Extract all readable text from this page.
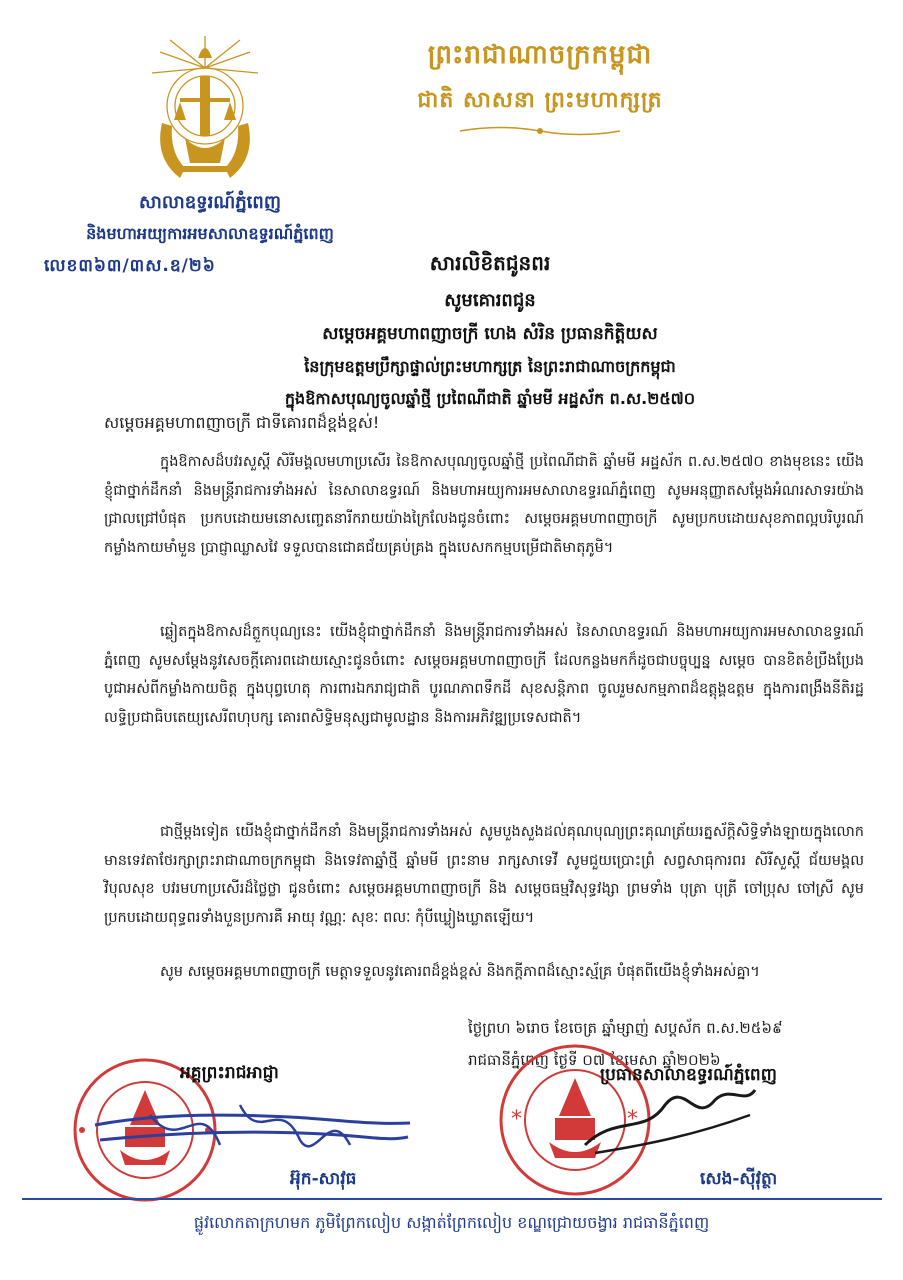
ព្រះរាជាណាចក្រកម្ពុជា
ជាតិ សាសនា ព្រះមហាក្សត្រ
សាលាឧទ្ធរណ៍ភ្នំពេញ
និងមហាអយ្យការអមសាលាឧទ្ធរណ៍ភ្នំពេញ
លេខ៣៦៣/៣ស.ឧ/២៦	សារលិខិតជូនពរ
សូមគោរពជូន
សម្តេចអគ្គមហាពញាចក្រី ហេង សំរិន ប្រធានកិត្តិយស
នៃក្រុមឧត្តមប្រឹក្សាផ្ទាល់ព្រះមហាក្សត្រ នៃព្រះរាជាណាចក្រកម្ពុជា
ក្នុងឱកាសបុណ្យចូលឆ្នាំថ្មី ប្រពៃណីជាតិ ឆ្នាំមមី អដ្ឋស័ក ព.ស.២៥៧០
សម្តេចអគ្គមហាពញាចក្រី ជាទីគោរពដ៏ខ្ពង់ខ្ពស់!
ក្នុងឱកាសដ៏បវរសួស្តី សិរីមង្គលមហាប្រសើរ នៃឱកាសបុណ្យចូលឆ្នាំថ្មី ប្រពៃណីជាតិ ឆ្នាំមមី អដ្ឋស័ក ព.ស.២៥៧០ ខាងមុខនេះ យើងខ្ញុំជាថ្នាក់ដឹកនាំ និងមន្ត្រីរាជការទាំងអស់ នៃសាលាឧទ្ធរណ៍ និងមហាអយ្យការអមសាលាឧទ្ធរណ៍ភ្នំពេញ សូមអនុញ្ញាតសម្តែងអំណរសាទរយ៉ាងជ្រាលជ្រៅបំផុត ប្រកបដោយមនោសញ្ចេតនារីករាយយ៉ាងក្រៃលែងជូនចំពោះ សម្តេចអគ្គមហាពញាចក្រី សូមប្រកបដោយសុខភាពល្អបរិបូរណ៍ កម្លាំងកាយមាំមួន ប្រាជ្ញាឈ្លាសវៃ ទទួលបានជោគជ័យគ្រប់គ្រង ក្នុងបេសកកម្មបម្រើជាតិមាតុភូមិ។
ឆ្លៀតក្នុងឱកាសដ៏ក្លួកបុណ្យនេះ យើងខ្ញុំជាថ្នាក់ដឹកនាំ និងមន្ត្រីរាជការទាំងអស់ នៃសាលាឧទ្ធរណ៍ និងមហាអយ្យការអមសាលាឧទ្ធរណ៍ភ្នំពេញ សូមសម្តែងនូវសេចក្តីគោរពដោយស្មោះជូនចំពោះ សម្តេចអគ្គមហាពញាចក្រី ដែលកន្លងមកក៏ដូចជាបច្ចុប្បន្ន សម្តេច បានខិតខំប្រឹងប្រែងបូជាអស់ពីកម្លាំងកាយចិត្ត ក្នុងបុព្វហេតុ ការពារឯករាជ្យជាតិ បូរណភាពទឹកដី សុខសន្តិភាព ចូលរួមសកម្មភាពដ៏ឧត្តុង្គឧត្តម ក្នុងការពង្រឹងនីតិរដ្ឋ លទ្ធិប្រជាធិបតេយ្យសេរីពហុបក្ស គោរពសិទ្ធិមនុស្សជាមូលដ្ឋាន និងការអភិវឌ្ឍប្រទេសជាតិ។
ជាថ្មីម្តងទៀត យើងខ្ញុំជាថ្នាក់ដឹកនាំ និងមន្ត្រីរាជការទាំងអស់ សូមបួងសួងដល់គុណបុណ្យព្រះគុណត្រ័យរត្នស័ក្តិសិទ្ធិទាំងឡាយក្នុងលោក មានទេវតាថែរក្សាព្រះរាជាណាចក្រកម្ពុជា និងទេវតាឆ្នាំថ្មី ឆ្នាំមមី ព្រះនាម រាក្សសាទេវី សូមជួយប្រោះព្រំ សព្វសាធុការពរ សិរីសួស្តី ជ័យមង្គល វិបុលសុខ បវរមហាប្រសើរដ៏ថ្លៃថ្លា ជូនចំពោះ សម្តេចអគ្គមហាពញាចក្រី និង សម្តេចធម្មវិសុទ្ធវង្សា ព្រមទាំង បុត្រា បុត្រី ចៅប្រុស ចៅស្រី សូមប្រកបដោយពុទ្ធពរទាំងបួនប្រការគឺ អាយុ វណ្ណៈ សុខៈ ពលៈ កុំបីឃ្លៀងឃ្លាតឡើយ។
សូម សម្តេចអគ្គមហាពញាចក្រី មេត្តាទទួលនូវគោរពដ៏ខ្ពង់ខ្ពស់ និងកក្តីភាពដ៏ស្មោះស្ម័គ្រ បំផុតពីយើងខ្ញុំទាំងអស់គ្នា។
ថ្ងៃព្រហ ៦រោច ខែចេត្រ ឆ្នាំម្សាញ់ សប្តស័ក ព.ស.២៥៦៩
រាជធានីភ្នំពេញ ថ្ងៃទី ០៧ ខែមេសា ឆ្នាំ២០២៦
*	*
អគ្គព្រះរាជអាជ្ញា	ប្រធានសាលាឧទ្ធរណ៍ភ្នំពេញ
អ៊ុក-សាវុធ	សេង-ស៊ីវុត្ថា
ផ្លូវលោកតាក្រហមក ភូមិព្រែកលៀប សង្កាត់ព្រែកលៀប ខណ្ឌជ្រោយចង្វារ រាជធានីភ្នំពេញ
